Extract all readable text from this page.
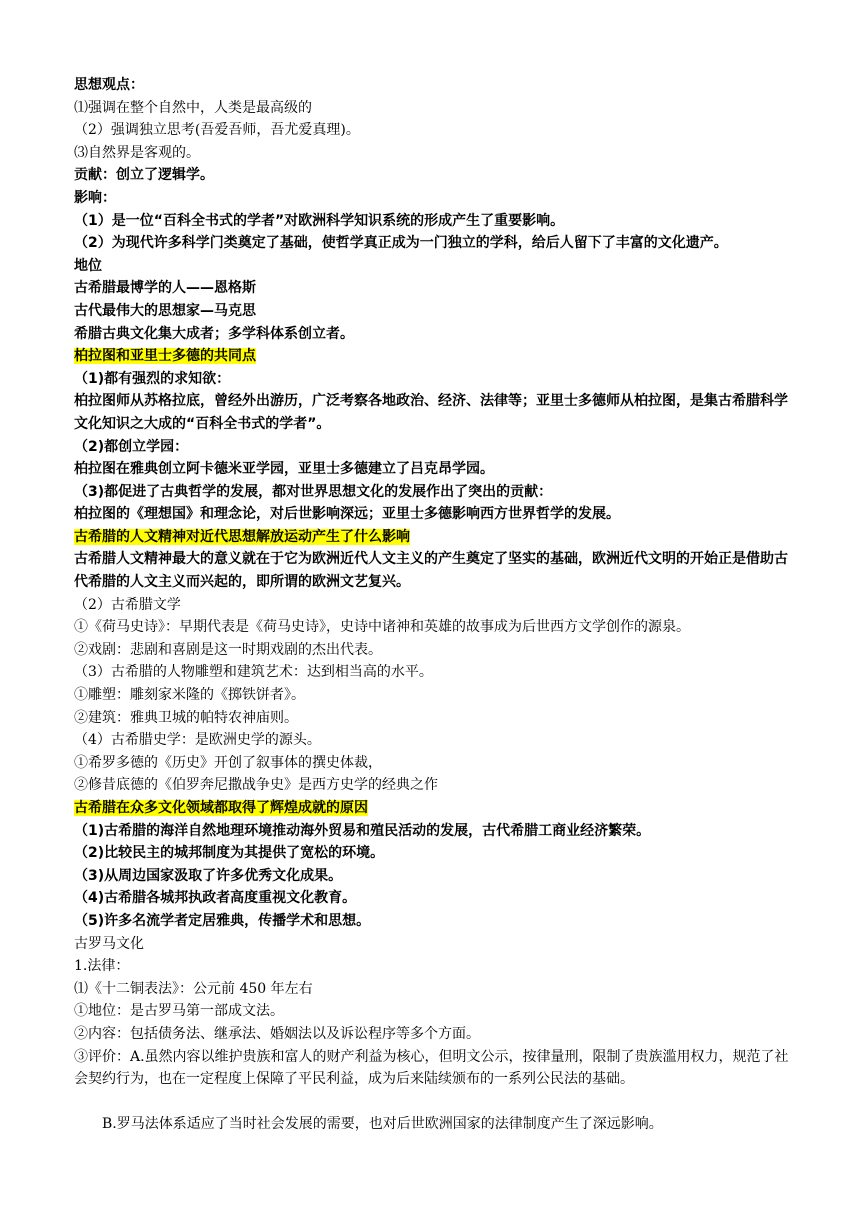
思想观点：
⑴强调在整个自然中，人类是最高级的
（2）强调独立思考(吾爱吾师，吾尤爱真理)。
⑶自然界是客观的。
贡献：创立了逻辑学。
影响：
（1）是一位“百科全书式的学者”对欧洲科学知识系统的形成产生了重要影响。
（2）为现代许多科学门类奠定了基础，使哲学真正成为一门独立的学科，给后人留下了丰富的文化遗产。
地位
古希腊最博学的人——恩格斯
古代最伟大的思想家—马克思
希腊古典文化集大成者；多学科体系创立者。
柏拉图和亚里士多德的共同点
（1)都有强烈的求知欲：
柏拉图师从苏格拉底，曾经外出游历，广泛考察各地政治、经济、法律等；亚里士多德师从柏拉图，是集古希腊科学文化知识之大成的“百科全书式的学者”。
（2)都创立学园：
柏拉图在雅典创立阿卡德米亚学园，亚里士多德建立了吕克昂学园。
（3)都促进了古典哲学的发展，都对世界思想文化的发展作出了突出的贡献：
柏拉图的《理想国》和理念论，对后世影响深远；亚里士多德影响西方世界哲学的发展。
古希腊的人文精神对近代思想解放运动产生了什么影响
古希腊人文精神最大的意义就在于它为欧洲近代人文主义的产生奠定了坚实的基础，欧洲近代文明的开始正是借助古代希腊的人文主义而兴起的，即所谓的欧洲文艺复兴。
（2）古希腊文学
①《荷马史诗》：早期代表是《荷马史诗》，史诗中诸神和英雄的故事成为后世西方文学创作的源泉。
②戏剧：悲剧和喜剧是这一时期戏剧的杰出代表。
（3）古希腊的人物雕塑和建筑艺术：达到相当高的水平。
①雕塑：雕刻家米隆的《掷铁饼者》。
②建筑：雅典卫城的帕特农神庙则。
（4）古希腊史学：是欧洲史学的源头。
①希罗多德的《历史》开创了叙事体的撰史体裁，
②修昔底德的《伯罗奔尼撒战争史》是西方史学的经典之作
古希腊在众多文化领域都取得了辉煌成就的原因
（1)古希腊的海洋自然地理环境推动海外贸易和殖民活动的发展，古代希腊工商业经济繁荣。
（2)比较民主的城邦制度为其提供了宽松的环境。
（3)从周边国家汲取了许多优秀文化成果。
（4)古希腊各城邦执政者高度重视文化教育。
（5)许多名流学者定居雅典，传播学术和思想。
古罗马文化
1.法律：
⑴《十二铜表法》：公元前 450 年左右
①地位：是古罗马第一部成文法。
②内容：包括债务法、继承法、婚姻法以及诉讼程序等多个方面。
③评价：A.虽然内容以维护贵族和富人的财产利益为核心，但明文公示，按律量刑，限制了贵族滥用权力，规范了社会契约行为，也在一定程度上保障了平民利益，成为后来陆续颁布的一系列公民法的基础。
B.罗马法体系适应了当时社会发展的需要，也对后世欧洲国家的法律制度产生了深远影响。
